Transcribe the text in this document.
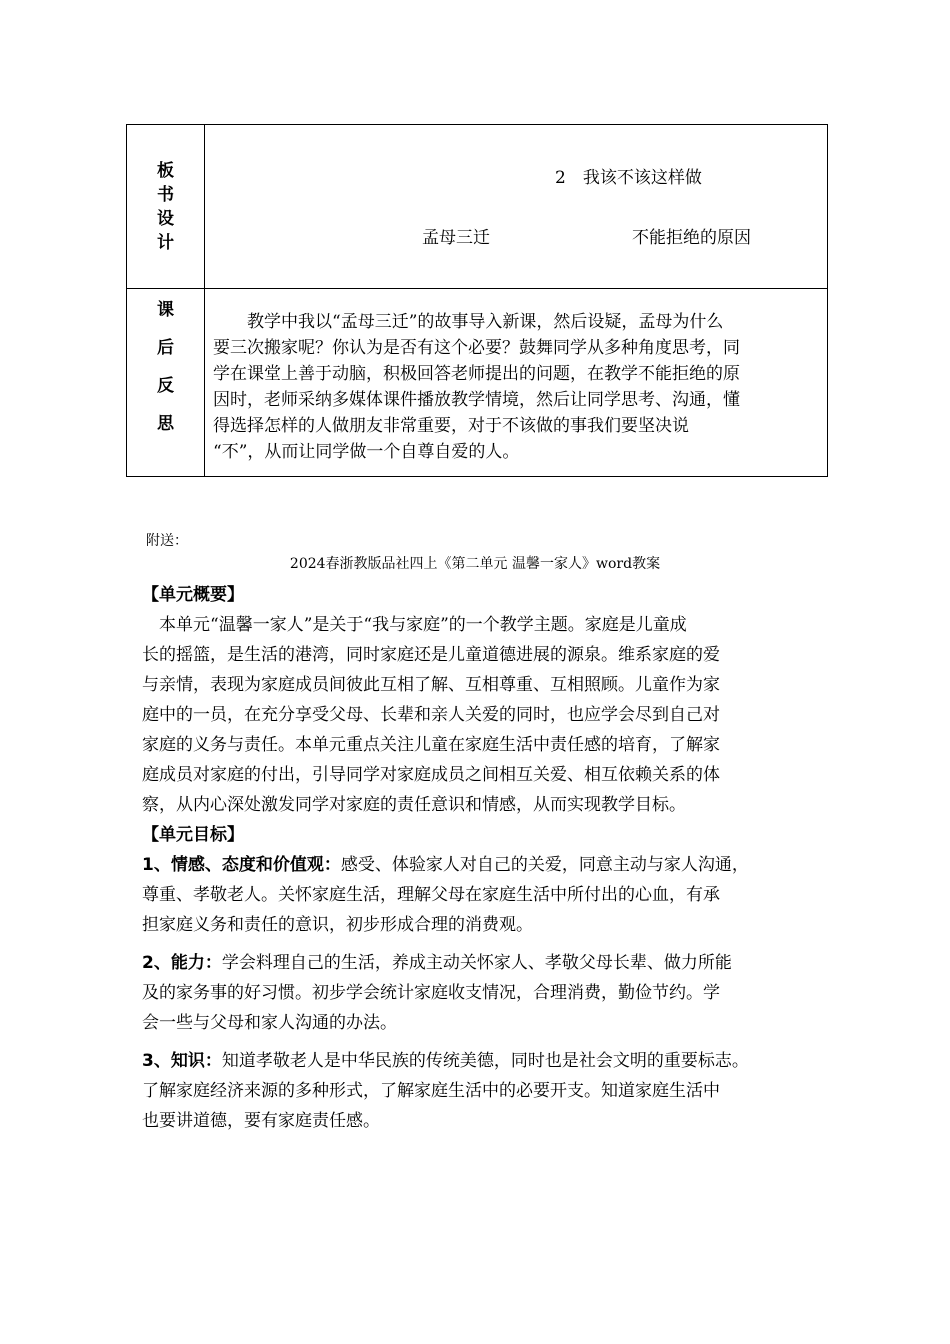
板
书
设
计
2　我该不该这样做
孟母三迁	不能拒绝的原因
课
后
反
思

　　教学中我以“孟母三迁”的故事导入新课，然后设疑，孟母为什么

要三次搬家呢？你认为是否有这个必要？鼓舞同学从多种角度思考，同

学在课堂上善于动脑，积极回答老师提出的问题，在教学不能拒绝的原

因时，老师采纳多媒体课件播放教学情境，然后让同学思考、沟通，懂

得选择怎样的人做朋友非常重要，对于不该做的事我们要坚决说

“不”，从而让同学做一个自尊自爱的人。

附送：
2024春浙教版品社四上《第二单元 温馨一家人》word教案

【单元概要】

　本单元“温馨一家人”是关于“我与家庭”的一个教学主题。家庭是儿童成

长的摇篮，是生活的港湾，同时家庭还是儿童道德进展的源泉。维系家庭的爱

与亲情，表现为家庭成员间彼此互相了解、互相尊重、互相照顾。儿童作为家

庭中的一员，在充分享受父母、长辈和亲人关爱的同时，也应学会尽到自己对

家庭的义务与责任。本单元重点关注儿童在家庭生活中责任感的培育，了解家

庭成员对家庭的付出，引导同学对家庭成员之间相互关爱、相互依赖关系的体

察，从内心深处激发同学对家庭的责任意识和情感，从而实现教学目标。

【单元目标】

1、情感、态度和价值观：感受、体验家人对自己的关爱，同意主动与家人沟通，

尊重、孝敬老人。关怀家庭生活，理解父母在家庭生活中所付出的心血，有承

担家庭义务和责任的意识，初步形成合理的消费观。

2、能力：学会料理自己的生活，养成主动关怀家人、孝敬父母长辈、做力所能

及的家务事的好习惯。初步学会统计家庭收支情况，合理消费，勤俭节约。学

会一些与父母和家人沟通的办法。

3、知识：知道孝敬老人是中华民族的传统美德，同时也是社会文明的重要标志。

了解家庭经济来源的多种形式，了解家庭生活中的必要开支。知道家庭生活中

也要讲道德，要有家庭责任感。
